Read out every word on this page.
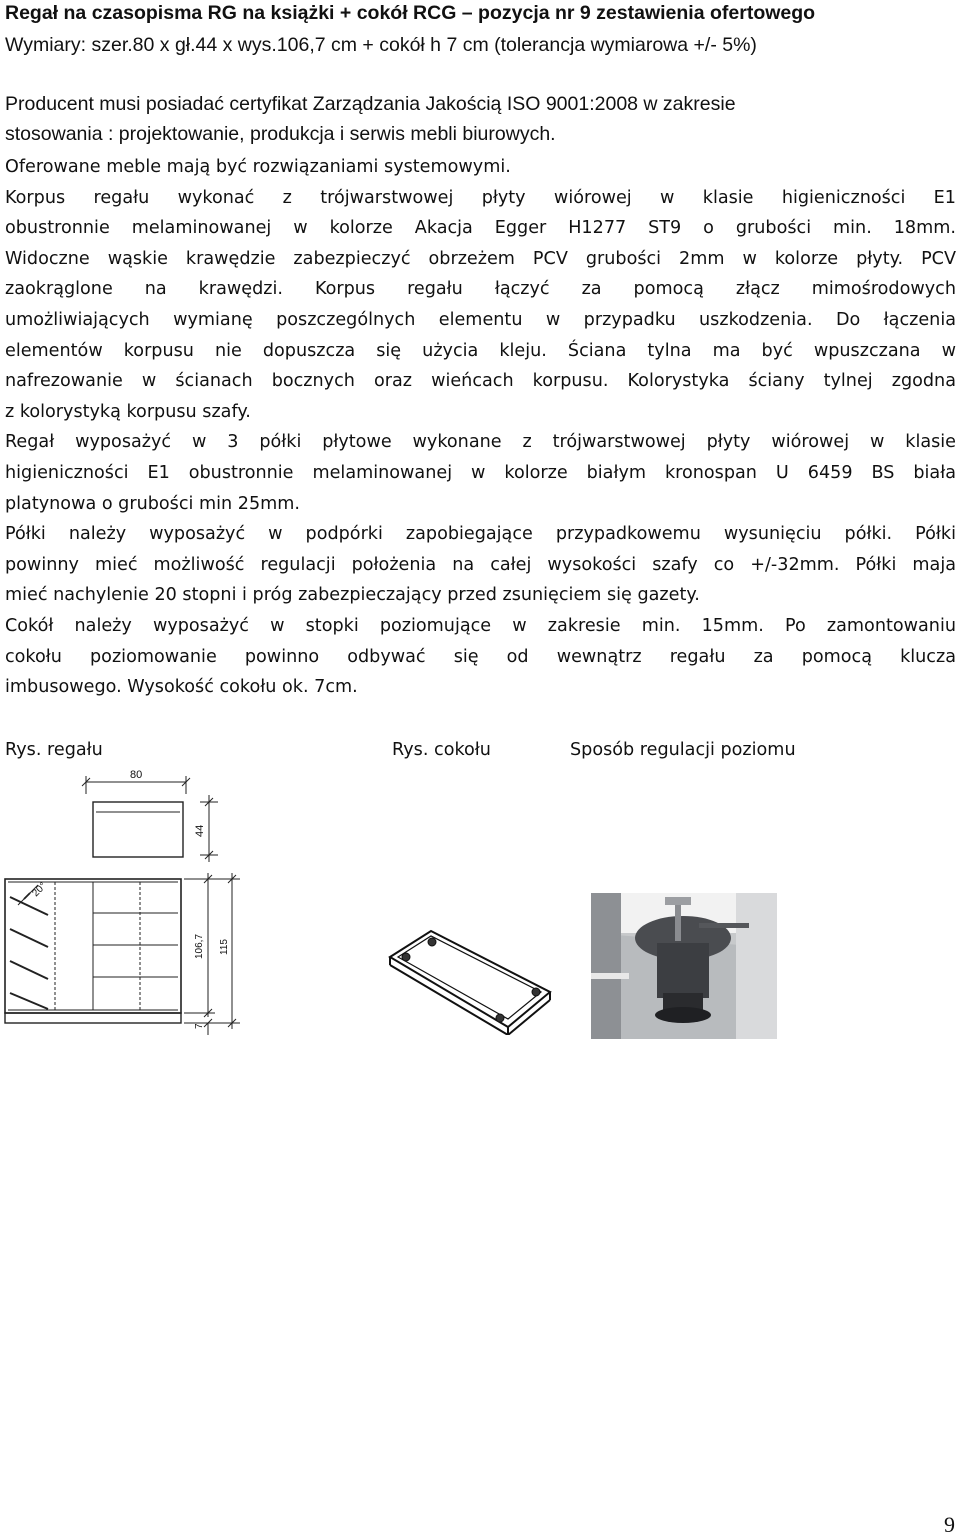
Regał na czasopisma RG na książki + cokół RCG – pozycja nr 9 zestawienia ofertowego
Wymiary: szer.80 x gł.44 x wys.106,7 cm + cokół h 7 cm (tolerancja wymiarowa +/- 5%)
Producent musi posiadać certyfikat Zarządzania Jakością ISO 9001:2008 w zakresie
stosowania : projektowanie, produkcja i serwis mebli biurowych.
Oferowane meble mają być rozwiązaniami systemowymi.
Korpus regału wykonać z trójwarstwowej płyty wiórowej w klasie higieniczności E1
obustronnie melaminowanej w kolorze Akacja Egger H1277 ST9 o grubości min. 18mm.
Widoczne wąskie krawędzie zabezpieczyć obrzeżem PCV grubości 2mm w kolorze płyty. PCV
zaokrąglone na krawędzi. Korpus regału łączyć za pomocą złącz mimośrodowych
umożliwiających wymianę poszczególnych elementu w przypadku uszkodzenia. Do łączenia
elementów korpusu nie dopuszcza się użycia kleju. Ściana tylna ma być wpuszczana w
nafrezowanie w ścianach bocznych oraz wieńcach korpusu. Kolorystyka ściany tylnej zgodna
z kolorystyką korpusu szafy.
Regał wyposażyć w 3 półki płytowe wykonane z trójwarstwowej płyty wiórowej w klasie
higieniczności E1 obustronnie melaminowanej w kolorze białym kronospan U 6459 BS biała
platynowa o grubości min 25mm.
Półki należy wyposażyć w podpórki zapobiegające przypadkowemu wysunięciu półki. Półki
powinny mieć możliwość regulacji położenia na całej wysokości szafy co +/-32mm. Półki maja
mieć nachylenie 20 stopni i próg zabezpieczający przed zsunięciem się gazety.
Cokół należy wyposażyć w stopki poziomujące w zakresie min. 15mm. Po zamontowaniu
cokołu poziomowanie powinno odbywać się od wewnątrz regału za pomocą klucza
imbusowego. Wysokość cokołu ok. 7cm.
Rys. regału	Rys. cokołu	Sposób regulacji poziomu
80
44
20°
106,7 115
7
9
